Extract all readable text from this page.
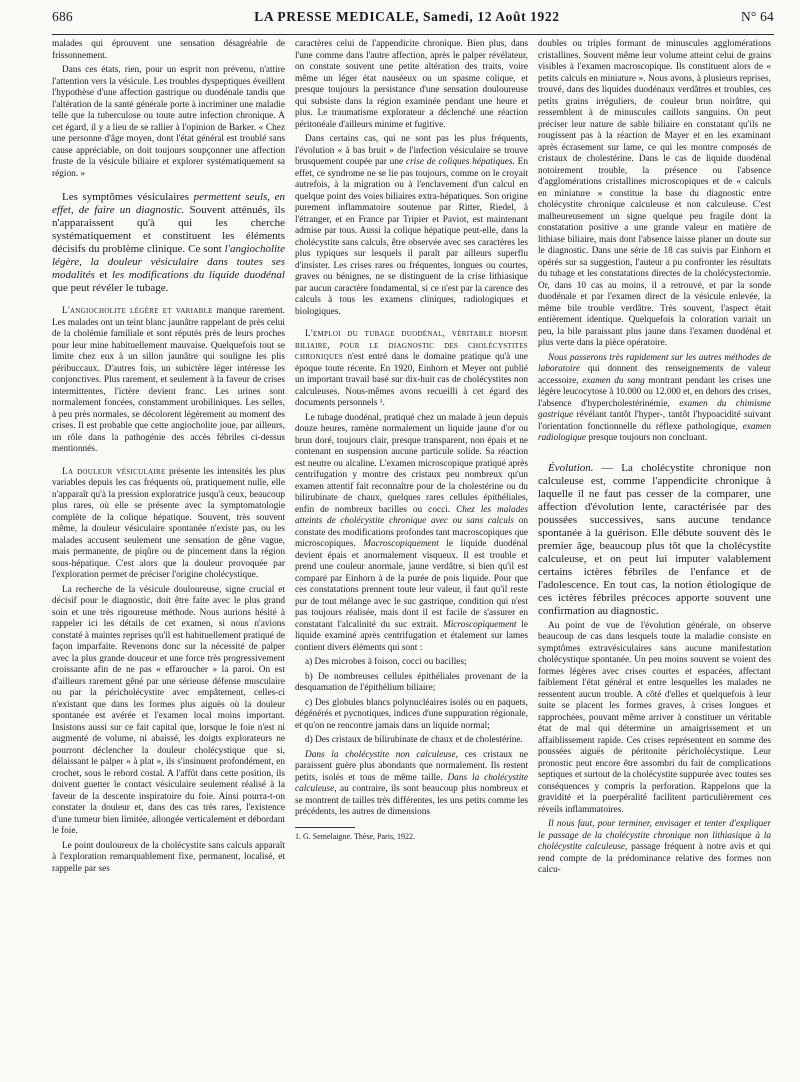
686	LA PRESSE MEDICALE, Samedi, 12 Août 1922	N° 64

malades qui éprouvent une sensation désagréable de frissonnement.

Dans ces états, rien, pour un esprit non prévenu, n'attire l'attention vers la vésicule. Les troubles dyspeptiques éveillent l'hypothèse d'une affection gastrique ou duodénale tandis que l'altération de la santé générale porte à incriminer une maladie telle que la tuberculose ou toute autre infection chronique. A cet égard, il y a lieu de se rallier à l'opinion de Barker. « Chez une personne d'âge moyen, dont l'état général est troublé sans cause appréciable, on doit toujours soupçonner une affection fruste de la vésicule biliaire et explorer systématiquement sa région. »

Les symptômes vésiculaires permettent seuls, en effet, de faire un diagnostic. Souvent atténués, ils n'apparaissent qu'à qui les cherche systématiquement et constituent les éléments décisifs du problème clinique. Ce sont l'angiocholite légère, la douleur vésiculaire dans toutes ses modalités et les modifications du liquide duodénal que peut révéler le tubage.

L'angiocholite légère et variable manque rarement. Les malades ont un teint blanc jaunâtre rappelant de près celui de la cholémie familiale et sont réputés près de leurs proches pour leur mine habituellement mauvaise. Quelquefois tout se limite chez eux à un sillon jaunâtre qui souligne les plis péribuccaux. D'autres fois, un subictère léger intéresse les conjonctives. Plus rarement, et seulement à la faveur de crises intermittentes, l'ictère devient franc. Les urines sont normalement foncées, constamment urobiliniques. Les selles, à peu près normales, se décolorent légèrement au moment des crises. Il est probable que cette angiocholite joue, par ailleurs, un rôle dans la pathogénie des accès fébriles ci-dessus mentionnés.

La douleur vésiculaire présente les intensités les plus variables depuis les cas fréquents où, pratiquement nulle, elle n'apparaît qu'à la pression exploratrice jusqu'à ceux, beaucoup plus rares, où elle se présente avec la symptomatologie complète de la colique hépatique. Souvent, très souvent même, la douleur vésiculaire spontanée n'existe pas, ou les malades accusent seulement une sensation de gêne vague, mais permanente, de piqûre ou de pincement dans la région sous-hépatique. C'est alors que la douleur provoquée par l'exploration permet de préciser l'origine cholécystique.

La recherche de la vésicule douloureuse, signe crucial et décisif pour le diagnostic, doit être faite avec le plus grand soin et une très rigoureuse méthode. Nous aurions hésité à rappeler ici les détails de cet examen, si nous n'avions constaté à maintes reprises qu'il est habituellement pratiqué de façon imparfaite. Revenons donc sur la nécessité de palper avec la plus grande douceur et une force très progressivement croissante afin de ne pas « effaroucher » la paroi. On est d'ailleurs rarement gêné par une sérieuse défense musculaire ou par la péricholécystite avec empâtement, celles-ci n'existant que dans les formes plus aiguës où la douleur spontanée est avérée et l'examen local moins important. Insistons aussi sur ce fait capital que, lorsque le foie n'est ni augmenté de volume, ni abaissé, les doigts explorateurs ne pourront déclencher la douleur cholécystique que si, délaissant le palper « à plat », ils s'insinuent profondément, en crochet, sous le rebord costal. A l'affût dans cette position, ils doivent guetter le contact vésiculaire seulement réalisé à la faveur de la descente inspiratoire du foie. Ainsi pourra-t-on constater la douleur et, dans des cas très rares, l'existence d'une tumeur bien limitée, allongée verticalement et débordant le foie.

Le point douloureux de la cholécystite sans calculs apparaît à l'exploration remarquablement fixe, permanent, localisé, et rappelle par ses

caractères celui de l'appendicite chronique. Bien plus, dans l'une comme dans l'autre affection, après le palper révélateur, on constate souvent une petite altération des traits, voire même un léger état nauséeux ou un spasme colique, et presque toujours la persistance d'une sensation douloureuse qui subsiste dans la région examinée pendant une heure et plus. Le traumatisme explorateur a déclenché une réaction péritonéale d'ailleurs minime et fugitive.

Dans certains cas, qui ne sont pas les plus fréquents, l'évolution « à bas bruit » de l'infection vésiculaire se trouve brusquement coupée par une crise de coliques hépatiques. En effet, ce syndrome ne se lie pas toujours, comme on le croyait autrefois, à la migration ou à l'enclavement d'un calcul en quelque point des voies biliaires extra-hépatiques. Son origine purement inflammatoire soutenue par Ritter, Riedel, à l'étranger, et en France par Tripier et Paviot, est maintenant admise par tous. Aussi la colique hépatique peut-elle, dans la cholécystite sans calculs, être observée avec ses caractères les plus typiques sur lesquels il paraît par ailleurs superflu d'insister. Les crises rares ou fréquentes, longues ou courtes, graves ou bénignes, ne se distinguent de la crise lithiasique par aucun caractère fondamental, si ce n'est par la carence des calculs à tous les examens cliniques, radiologiques et biologiques.

L'emploi du tubage duodénal, véritable biopsie biliaire, pour le diagnostic des cholécystites chroniques n'est entré dans le domaine pratique qu'à une époque toute récente. En 1920, Einhorn et Meyer ont publié un important travail basé sur dix-huit cas de cholécystites non calculeuses. Nous-mêmes avons recueilli à cet égard des documents personnels ¹.

Le tubage duodénal, pratiqué chez un malade à jeun depuis douze heures, ramène normalement un liquide jaune d'or ou brun doré, toujours clair, presque transparent, non épais et ne contenant en suspension aucune particule solide. Sa réaction est neutre ou alcaline. L'examen microscopique pratiqué après centrifugation y montre des cristaux peu nombreux qu'un examen attentif fait reconnaître pour de la cholestérine ou du bilirubinate de chaux, quelques rares cellules épithéliales, enfin de nombreux bacilles ou cocci. Chez les malades atteints de cholécystite chronique avec ou sans calculs on constate des modifications profondes tant macroscopiques que microscopiques. Macroscopiquement le liquide duodénal devient épais et anormalement visqueux. Il est trouble et prend une couleur anormale, jaune verdâtre, si bien qu'il est comparé par Einhorn à de la purée de pois liquide. Pour que ces constatations prennent toute leur valeur, il faut qu'il reste pur de tout mélange avec le suc gastrique, condition qui n'est pas toujours réalisée, mais dont il est facile de s'assurer en constatant l'alcalinité du suc extrait. Microscopiquement le liquide examiné après centrifugation et étalement sur lames contient divers éléments qui sont :

a) Des microbes à foison, cocci ou bacilles;

b) De nombreuses cellules épithéliales provenant de la desquamation de l'épithélium biliaire;

c) Des globules blancs polynucléaires isolés ou en paquets, dégénérés et pycnotiques, indices d'une suppuration régionale, et qu'on ne rencontre jamais dans un liquide normal;

d) Des cristaux de bilirubinate de chaux et de cholestérine.

Dans la cholécystite non calculeuse, ces cristaux ne paraissent guère plus abondants que normalement. Ils restent petits, isolés et tous de même taille. Dans la cholécystite calculeuse, au contraire, ils sont beaucoup plus nombreux et se montrent de tailles très différentes, les uns petits comme les précédents, les autres de dimensions

1. G. Semelaigne. Thèse, Paris, 1922.

doubles ou triples formant de minuscules agglomérations cristallines. Souvent même leur volume atteint celui de grains visibles à l'examen macroscopique. Ils constituent alors de « petits calculs en miniature ». Nous avons, à plusieurs reprises, trouvé, dans des liquides duodénaux verdâtres et troubles, ces petits grains irréguliers, de couleur brun noirâtre, qui ressemblent à de minuscules caillots sanguins. On peut préciser leur nature de sable biliaire en constatant qu'ils ne rougissent pas à la réaction de Mayer et en les examinant après écrasement sur lame, ce qui les montre composés de cristaux de cholestérine. Dans le cas de liquide duodénal notoirement trouble, la présence ou l'absence d'agglomérations cristallines microscopiques et de « calculs en miniature » constitue la base du diagnostic entre cholécystite chronique calculeuse et non calculeuse. C'est malheureusement un signe quelque peu fragile dont la constatation positive a une grande valeur en matière de lithiase biliaire, mais dont l'absence laisse planer un doute sur le diagnostic. Dans une série de 18 cas suivis par Einhorn et opérés sur sa suggestion, l'auteur a pu confronter les résultats du tubage et les constatations directes de la cholécystectomie. Or, dans 10 cas au moins, il a retrouvé, et par la sonde duodénale et par l'examen direct de la vésicule enlevée, la même bile trouble verdâtre. Très souvent, l'aspect était entièrement identique. Quelquefois la coloration variait un peu, la bile paraissant plus jaune dans l'examen duodénal et plus verte dans la pièce opératoire.

Nous passerons très rapidement sur les autres méthodes de laboratoire qui donnent des renseignements de valeur accessoire, examen du sang montrant pendant les crises une légère leucocytose à 10.000 ou 12.000 et, en dehors des crises, l'absence d'hypercholestérinémie, examen du chimisme gastrique révélant tantôt l'hyper-, tantôt l'hypoacidité suivant l'orientation fonctionnelle du réflexe pathologique, examen radiologique presque toujours non concluant.

Évolution. — La cholécystite chronique non calculeuse est, comme l'appendicite chronique à laquelle il ne faut pas cesser de la comparer, une affection d'évolution lente, caractérisée par des poussées successives, sans aucune tendance spontanée à la guérison. Elle débute souvent dès le premier âge, beaucoup plus tôt que la cholécystite calculeuse, et on peut lui imputer valablement certains ictères fébriles de l'enfance et de l'adolescence. En tout cas, la notion étiologique de ces ictères fébriles précoces apporte souvent une confirmation au diagnostic.

Au point de vue de l'évolution générale, on observe beaucoup de cas dans lesquels toute la maladie consiste en symptômes extravésiculaires sans aucune manifestation cholécystique spontanée. Un peu moins souvent se voient des formes légères avec crises courtes et espacées, affectant faiblement l'état général et entre lesquelles les malades ne ressentent aucun trouble. A côté d'elles et quelquefois à leur suite se placent les formes graves, à crises longues et rapprochées, pouvant même arriver à constituer un véritable état de mal qui détermine un amaigrissement et un affaiblissement rapide. Ces crises représentent en somme des poussées aiguës de péritonite péricholécystique. Leur pronostic peut encore être assombri du fait de complications septiques et surtout de la cholécystite suppurée avec toutes ses conséquences y compris la perforation. Rappelons que la gravidité et la puerpéralité facilitent particulièrement ces réveils inflammatoires.

Il nous faut, pour terminer, envisager et tenter d'expliquer le passage de la cholécystite chronique non lithiasique à la cholécystite calculeuse, passage fréquent à notre avis et qui rend compte de la prédominance relative des formes non calcu-
